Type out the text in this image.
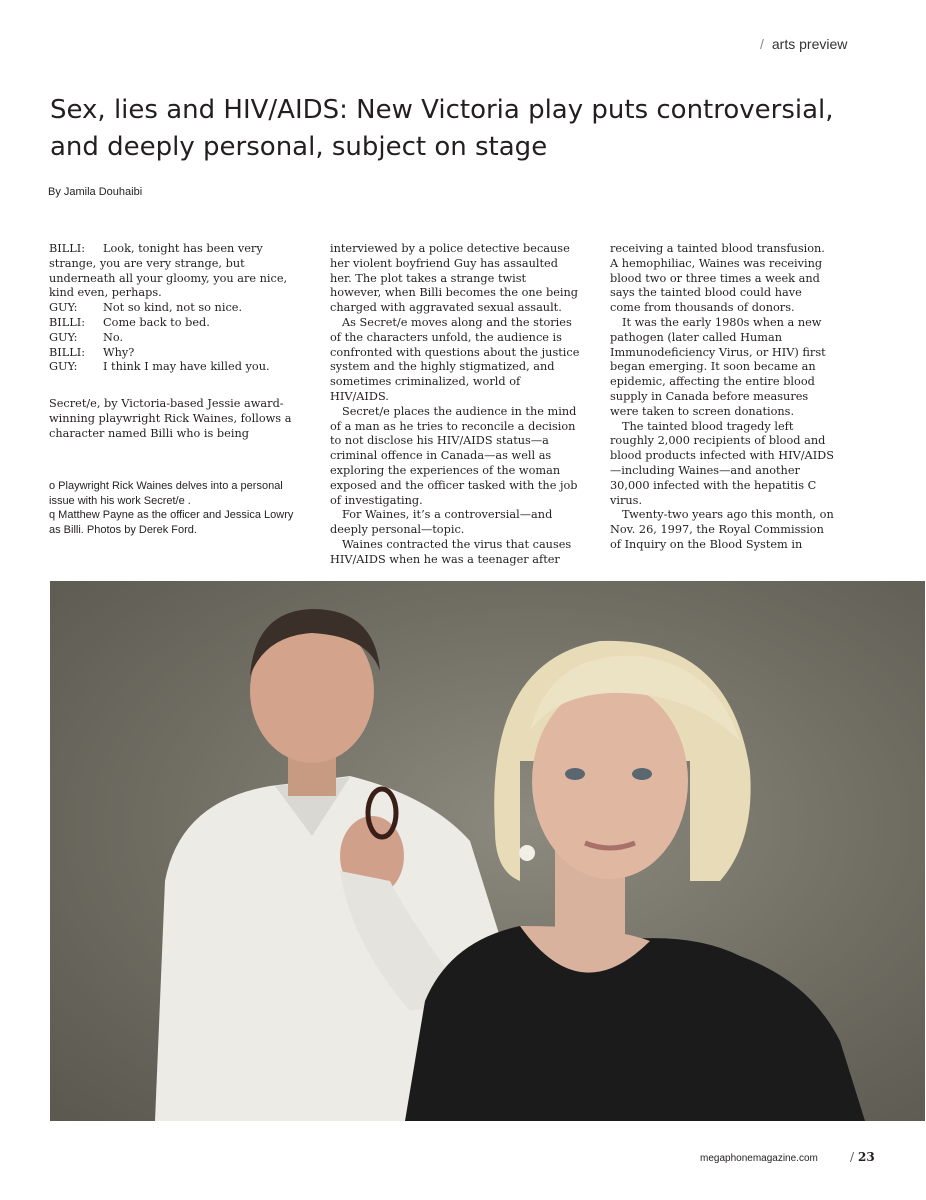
/ arts preview
Sex, lies and HIV/AIDS: New Victoria play puts controversial, and deeply personal, subject on stage
By Jamila Douhaibi
BILLI:	Look, tonight has been very

strange, you are very strange, but underneath all your gloomy, you are nice, kind even, perhaps.

GUY:	Not so kind, not so nice.
BILLI:	Come back to bed.
GUY:	No.
BILLI:	Why?
GUY:	I think I may have killed you.

Secret/e, by Victoria-based Jessie award-winning playwright Rick Waines, follows a character named Billi who is being

o Playwright Rick Waines delves into a personal issue with his work Secret/e .

q Matthew Payne as the officer and Jessica Lowry as Billi. Photos by Derek Ford.

interviewed by a police detective because her violent boyfriend Guy has assaulted her. The plot takes a strange twist however, when Billi becomes the one being charged with aggravated sexual assault.

As Secret/e moves along and the stories of the characters unfold, the audience is confronted with questions about the justice system and the highly stigmatized, and sometimes criminalized, world of HIV/AIDS.

Secret/e places the audience in the mind of a man as he tries to reconcile a decision to not disclose his HIV/AIDS status—a criminal offence in Canada—as well as exploring the experiences of the woman exposed and the officer tasked with the job of investigating.

For Waines, it’s a controversial—and deeply personal—topic.

Waines contracted the virus that causes HIV/AIDS when he was a teenager after

receiving a tainted blood transfusion. A hemophiliac, Waines was receiving blood two or three times a week and says the tainted blood could have come from thousands of donors.

It was the early 1980s when a new pathogen (later called Human Immunodeficiency Virus, or HIV) first began emerging. It soon became an epidemic, affecting the entire blood supply in Canada before measures were taken to screen donations.

The tainted blood tragedy left roughly 2,000 recipients of blood and blood products infected with HIV/AIDS—including Waines—and another 30,000 infected with the hepatitis C virus.

Twenty-two years ago this month, on Nov. 26, 1997, the Royal Commission of Inquiry on the Blood System in

megaphonemagazine.com	/ 23
